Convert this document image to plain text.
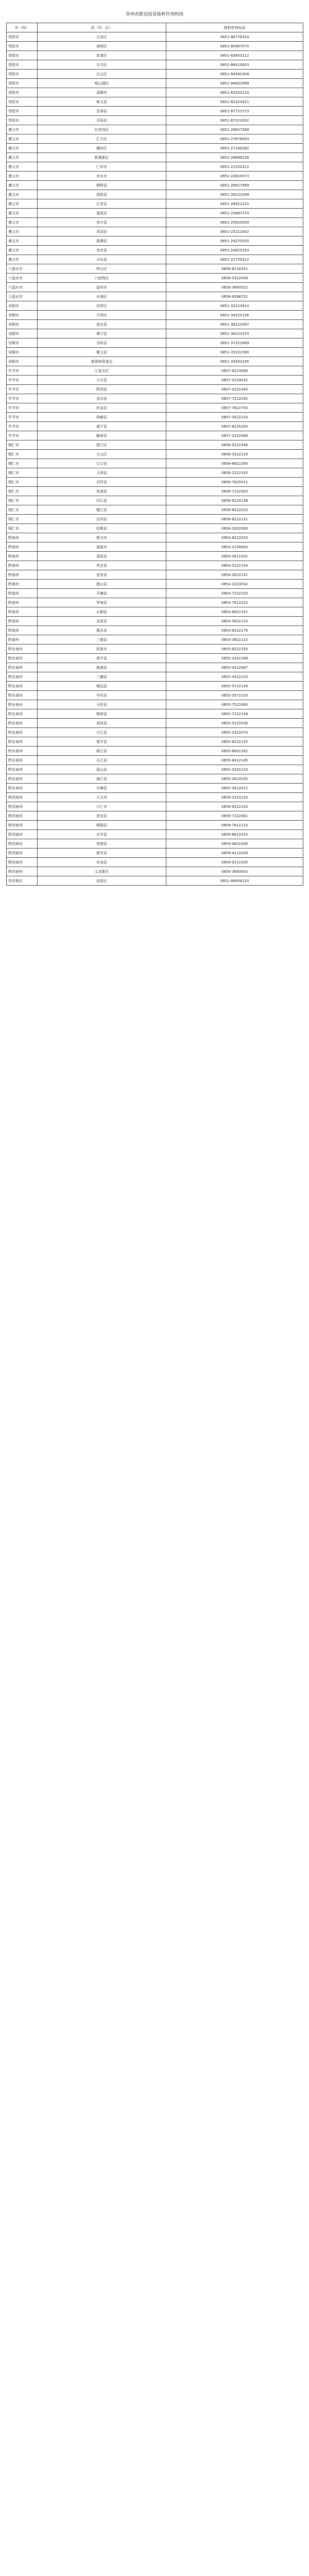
贵州省新冠疫苗接种咨询热线
市（州）	县（市、区）	接种咨询电话
贵阳市	云岩区	0851-86776310
贵阳市	南明区	0851-85987075
贵阳市	花溪区	0851-83853112
贵阳市	乌当区	0851-86410003
贵阳市	白云区	0851-84591008
贵阳市	观山湖区	0851-84832999
贵阳市	清镇市	0851-82520120
贵阳市	修文县	0851-82323421
贵阳市	息烽县	0851-87721573
贵阳市	开阳县	0851-87223202
遵义市	红花岗区	0851-28627289
遵义市	汇川区	0851-27878093
遵义市	播州区	0851-27240282
遵义市	新蒲新区	0851-28688226
遵义市	仁怀市	0851-22202412
遵义市	赤水市	0851-22810073
遵义市	桐梓县	0851-26627999
遵义市	绥阳县	0851-26231099
遵义市	正安县	0851-26421215
遵义市	道真县	0851-25887270
遵义市	务川县	0851-25620009
遵义市	凤冈县	0851-25211002
遵义市	湄潭县	0851-24270555
遵义市	余庆县	0851-24622163
遵义市	习水县	0851-22750312
六盘水市	钟山区	0858-8216331
六盘水市	六枝特区	0858-5322056
六盘水市	盘州市	0858-3660022
六盘水市	水城区	0858-8398752
安顺市	西秀区	0851-33223910
安顺市	平坝区	0851-34222156
安顺市	普定县	0851-38222097
安顺市	镇宁县	0851-36222470
安顺市	关岭县	0851-37221069
安顺市	紫云县	0851-35222390
安顺市	黄果树管委会	0851-33593105
毕节市	七星关区	0857-8223066
毕节市	大方县	0857-5230032
毕节市	黔西县	0857-4222345
毕节市	金沙县	0857-7222042
毕节市	织金县	0857-7622750
毕节市	纳雍县	0857-3522120
毕节市	威宁县	0857-6235200
毕节市	赫章县	0857-3222088
铜仁市	碧江区	0856-5222346
铜仁市	万山区	0856-3522120
铜仁市	江口县	0856-6622260
铜仁市	玉屏县	0856-3222335
铜仁市	石阡县	0856-7625011
铜仁市	思南县	0856-7222303
铜仁市	印江县	0856-6220138
铜仁市	德江县	0856-8522023
铜仁市	沿河县	0856-8222131
铜仁市	松桃县	0856-2822090
黔南州	都匀市	0854-8222033
黔南州	福泉市	0854-2228083
黔南州	荔波县	0854-3611502
黔南州	贵定县	0854-5222154
黔南州	瓮安县	0854-2622141
黔南州	独山县	0854-3223032
黔南州	平塘县	0854-7222103
黔南州	罗甸县	0854-7612210
黔南州	长顺县	0854-6822331
黔南州	龙里县	0854-5632110
黔南州	惠水县	0854-6222176
黔南州	三都县	0854-3922115
黔东南州	凯里市	0855-8222335
黔东南州	黄平县	0855-2422168
黔东南州	施秉县	0855-4222067
黔东南州	三穗县	0855-4522103
黔东南州	镇远县	0855-5722126
黔东南州	岑巩县	0855-3572120
黔东南州	天柱县	0855-7522060
黔东南州	锦屏县	0855-7222156
黔东南州	剑河县	0855-5222036
黔东南州	台江县	0855-5322070
黔东南州	黎平县	0855-6222155
黔东南州	榕江县	0855-6622162
黔东南州	从江县	0855-6412145
黔东南州	雷山县	0855-3332120
黔东南州	麻江县	0855-2622035
黔东南州	丹寨县	0855-3612012
黔西南州	兴义市	0859-3223120
黔西南州	兴仁市	0859-6222120
黔西南州	普安县	0859-7222061
黔西南州	晴隆县	0859-7612123
黔西南州	贞丰县	0859-6612014
黔西南州	望谟县	0859-4621006
黔西南州	册亨县	0859-4212039
黔西南州	安龙县	0859-5211035
黔西南州	义龙新区	0859-3693003
贵安新区	直管区	0851-88908120
